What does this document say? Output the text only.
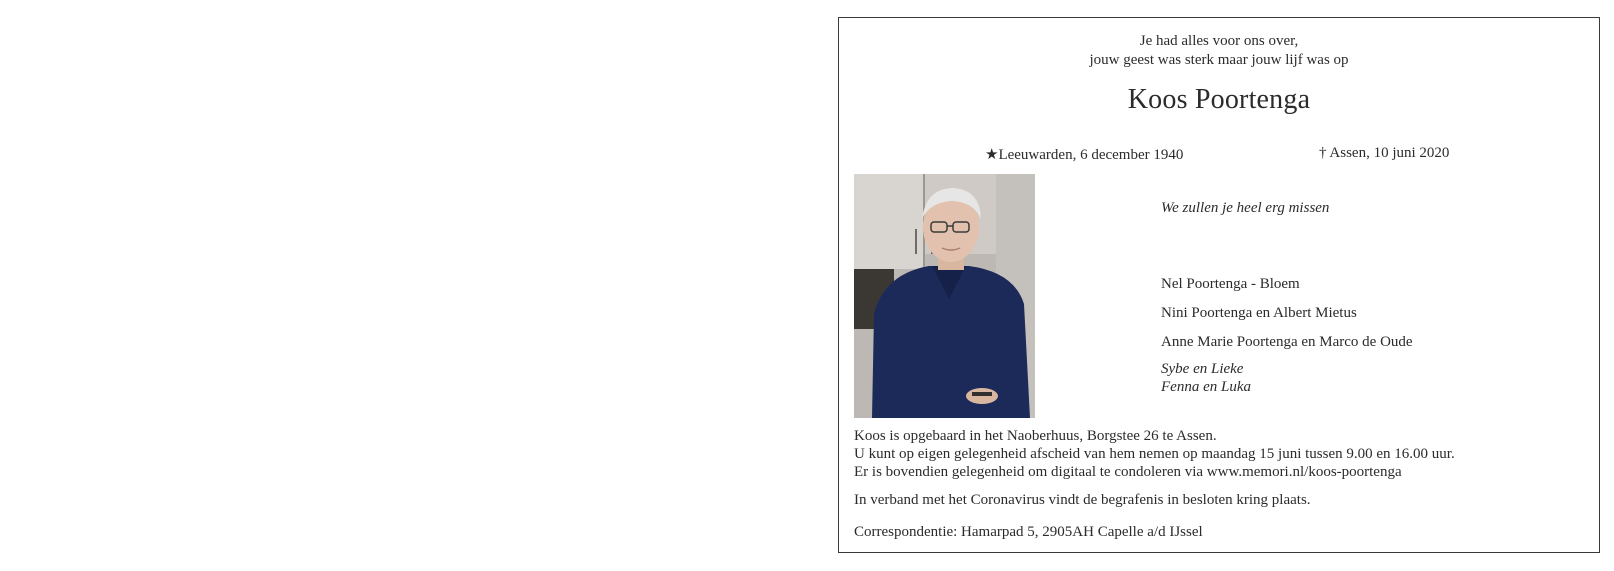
Je had alles voor ons over,
jouw geest was sterk maar jouw lijf was op
Koos Poortenga
★Leeuwarden, 6 december 1940	† Assen, 10 juni 2020
We zullen je heel erg missen
Nel Poortenga - Bloem
Nini Poortenga en Albert Mietus
Anne Marie Poortenga en Marco de Oude
Sybe en Lieke
Fenna en Luka
Koos is opgebaard in het Naoberhuus, Borgstee 26 te Assen.
U kunt op eigen gelegenheid afscheid van hem nemen op maandag 15 juni tussen 9.00 en 16.00 uur.
Er is bovendien gelegenheid om digitaal te condoleren via www.memori.nl/koos-poortenga
In verband met het Coronavirus vindt de begrafenis in besloten kring plaats.
Correspondentie: Hamarpad 5, 2905AH Capelle a/d IJssel
